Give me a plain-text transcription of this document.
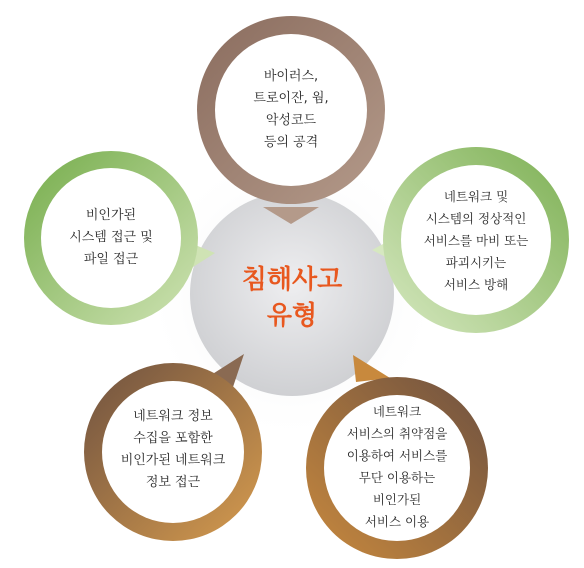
바이러스,
트로이잔, 웜,
악성코드
등의 공격
비인가된
시스템 접근 및
파일 접근
네트워크 및
시스템의 정상적인
서비스를 마비 또는
파괴시키는
서비스 방해
네트워크 정보
수집을 포함한
비인가된 네트워크
정보 접근
네트워크
서비스의 취약점을
이용하여 서비스를
무단 이용하는
비인가된
서비스 이용
침해사고
유형
